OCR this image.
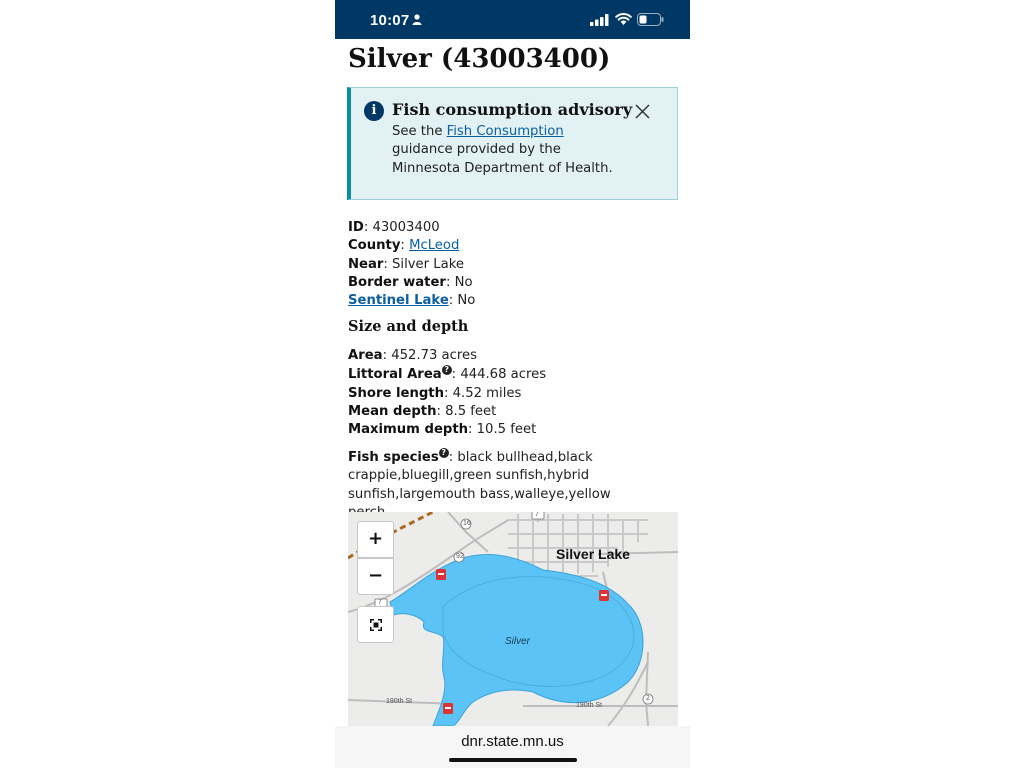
10:07
Silver (43003400)
i Fish consumption advisory
See the Fish Consumption guidance provided by the Minnesota Department of Health.
ID: 43003400
County: McLeod
Near: Silver Lake
Border water: No
Sentinel Lake: No
Size and depth
Area: 452.73 acres
Littoral Area ? : 444.68 acres
Shore length: 4.52 miles
Mean depth: 8.5 feet
Maximum depth: 10.5 feet
Fish species ? : black bullhead,black crappie,bluegill,green sunfish,hybrid sunfish,largemouth bass,walleye,yellow
7
16
92
7
2
190th St
190th St
Silver Lake
Silver
+
−
dnr.state.mn.us
